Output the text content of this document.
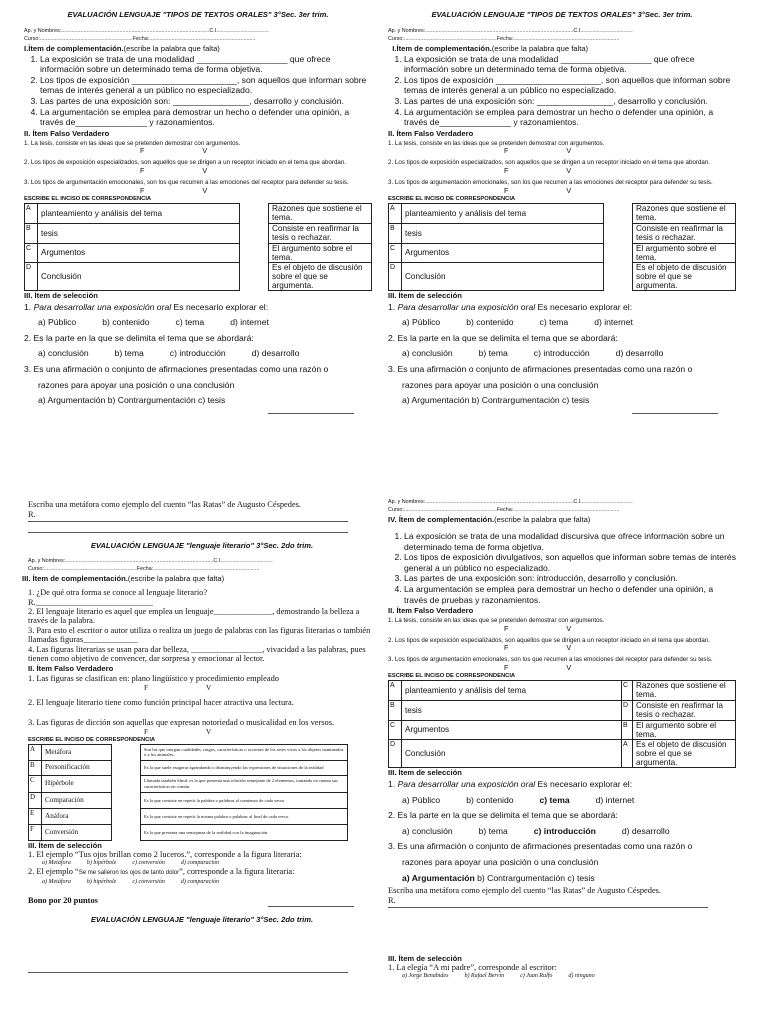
EVALUACIÓN LENGUAJE "TIPOS DE TEXTOS ORALES" 3°Sec. 3er trim.

Ap. y Nombres:...................................................................................................C.I...................................

Curso:..............................................................Fecha:.......................................................................

I.Ítem de complementación.(escribe la palabra que falta)

1. La exposición se trata de una modalidad ___________________ que ofrece información sobre un determinado tema de forma objetiva.
2. Los tipos de exposición ______________________, son aquellos que informan sobre temas de interés general a un público no especializado.
3. Las partes de una exposición son: ________________, desarrollo y conclusión.
4. La argumentación se emplea para demostrar un hecho o defender una opinión, a través de_______________ y razonamientos.

II. Ítem Falso Verdadero

1. La tesis, consiste en las ideas que se pretenden demostrar con argumentos.
F	V
2. Los tipos de exposición especializados, son aquellos que se dirigen a un receptor iniciado en el tema que abordan.
F	V
3. Los tipos de argumentación emocionales, son los que recurren a las emociones del receptor para defender su tesis.
F	V

ESCRIBE EL INCISO DE CORRESPONDENCIA

A	planteamiento y análisis del tema		Razones que sostiene el tema.
B	tesis		Consiste en reafirmar la tesis o rechazar.
C	Argumentos		El argumento sobre el tema.
D	Conclusión		Es el objeto de discusión sobre el que se argumenta.

III. Ítem de selección

1. Para desarrollar una exposición oral Es necesario explorar el:

a) Público	b) contenido	c) tema	d) internet

2. Es la parte en la que se delimita el tema que se abordará:

a) conclusión	b) tema	c) introducción	d) desarrollo

3. Es una afirmación o conjunto de afirmaciones presentadas como una razón o

razones para apoyar una posición o una conclusión

a) Argumentación b) Contrargumentación c) tesis

EVALUACIÓN LENGUAJE "TIPOS DE TEXTOS ORALES" 3°Sec. 3er trim.

Ap. y Nombres:...................................................................................................C.I...................................

Curso:..............................................................Fecha:.......................................................................

I.Ítem de complementación.(escribe la palabra que falta)

1. La exposición se trata de una modalidad ___________________ que ofrece información sobre un determinado tema de forma objetiva.
2. Los tipos de exposición ______________________, son aquellos que informan sobre temas de interés general a un público no especializado.
3. Las partes de una exposición son: ________________, desarrollo y conclusión.
4. La argumentación se emplea para demostrar un hecho o defender una opinión, a través de_______________ y razonamientos.

II. Ítem Falso Verdadero

1. La tesis, consiste en las ideas que se pretenden demostrar con argumentos.
F	V
2. Los tipos de exposición especializados, son aquellos que se dirigen a un receptor iniciado en el tema que abordan.
F	V
3. Los tipos de argumentación emocionales, son los que recurren a las emociones del receptor para defender su tesis.
F	V

ESCRIBE EL INCISO DE CORRESPONDENCIA

A	planteamiento y análisis del tema		Razones que sostiene el tema.
B	tesis		Consiste en reafirmar la tesis o rechazar.
C	Argumentos		El argumento sobre el tema.
D	Conclusión		Es el objeto de discusión sobre el que se argumenta.

III. Ítem de selección

1. Para desarrollar una exposición oral Es necesario explorar el:

a) Público	b) contenido	c) tema	d) internet

2. Es la parte en la que se delimita el tema que se abordará:

a) conclusión	b) tema	c) introducción	d) desarrollo

3. Es una afirmación o conjunto de afirmaciones presentadas como una razón o

razones para apoyar una posición o una conclusión

a) Argumentación b) Contrargumentación c) tesis

Escriba una metáfora como ejemplo del cuento “las Ratas” de Augusto Céspedes.

R.

EVALUACIÓN LENGUAJE "lenguaje literario" 3°Sec. 2do trim.

Ap. y Nombres:...................................................................................................C.I...................................

Curso:..............................................................Fecha:.......................................................................

III. Ítem de complementación.(escribe la palabra que falta)

1. ¿De qué otra forma se conoce al lenguaje literario?

R.____________________________

2. El lenguaje literario es aquel que emplea un lenguaje______________, demostrando la belleza a través de la palabra.

3. Para esto el escritor o autor utiliza o realiza un juego de palabras con las figuras literarias o también llamadas figuras_____________

4. Las figuras literarias se usan para dar belleza, _________________, vivacidad a las palabras, pues tienen como objetivo de convencer, dar sorpresa y emocionar al lector.

II. Ítem Falso Verdadero

1. Las figuras se clasifican en: plano lingüístico y procedimiento empleado

F	V

2. El lenguaje literario tiene como función principal hacer atractiva una lectura.

3. Las figuras de dicción son aquellas que expresan notoriedad o musicalidad en los versos.

F	V

ESCRIBE EL INCISO DE CORRESPONDENCIA

A	Metáfora		Son las que otorgan cualidades, rasgos, características o acciones de los seres vivos a los objetos inanimados o a los animales.
B	Personificación		Es la que suele exagerar agrandando o disminuyendo las expresiones de situaciones de la realidad
C	Hipérbole		Llamada también Símil, es la que presenta una relación semejante de 2 elementos, tomando en cuenta sus características en común.
D	Comparación		Es la que consiste en repetir la palabra o palabras al comienzo de cada verso.
E	Anáfora		Es la que consiste en repetir la misma palabra o palabras al final de cada verso.
F	Conversión		Es la que presenta una semejanza de la realidad con la imaginación

III. Ítem de selección

1. El ejemplo “Tus ojos brillan como 2 luceros.”, corresponde a la figura literaria:

a) Metáfora	b) hipérbole	c) conversión	d) comparación

2. El ejemplo “Se me salieron los ojos de tanto dolor”, corresponde a la figura literaria:

a) Metáfora	b) hipérbole	c) conversión	d) comparación

Bono por 20 puntos

EVALUACIÓN LENGUAJE "lenguaje literario" 3°Sec. 2do trim.

Ap. y Nombres:...................................................................................................C.I...................................

Curso:..............................................................Fecha:.......................................................................

IV. Ítem de complementación.(escribe la palabra que falta)

1. La exposición se trata de una modalidad discursiva que ofrece información sobre un determinado tema de forma objetiva.
2. Los tipos de exposición divulgativos, son aquellos que informan sobre temas de interés general a un público no especializado.
3. Las partes de una exposición son: introducción, desarrollo y conclusión.
4. La argumentación se emplea para demostrar un hecho o defender una opinión, a través de pruebas y razonamientos.

II. Ítem Falso Verdadero

1. La tesis, consiste en las ideas que se pretenden demostrar con argumentos.
F	V
2. Los tipos de exposición especializados, son aquellos que se dirigen a un receptor iniciado en el tema que abordan.
F	V
3. Los tipos de argumentación emocionales, son los que recurren a las emociones del receptor para defender su tesis.
F	V

ESCRIBE EL INCISO DE CORRESPONDENCIA

A	planteamiento y análisis del tema	C	Razones que sostiene el tema.
B	tesis	D	Consiste en reafirmar la tesis o rechazar.
C	Argumentos	B	El argumento sobre el tema.
D	Conclusión	A	Es el objeto de discusión sobre el que se argumenta.

III. Ítem de selección

1. Para desarrollar una exposición oral Es necesario explorar el:

a) Público	b) contenido	c) tema	d) internet

2. Es la parte en la que se delimita el tema que se abordará:

a) conclusión	b) tema	c) introducción	d) desarrollo

3. Es una afirmación o conjunto de afirmaciones presentadas como una razón o

razones para apoyar una posición o una conclusión

a) Argumentación b) Contrargumentación c) tesis

Escriba una metáfora como ejemplo del cuento “las Ratas” de Augusto Céspedes.

R.

III. Ítem de selección

1. La elegía “A mi padre”, corresponde al escritor:

a) Jorge Benabides	b) Rafael Bervín	c) Juan Rulfo	d) ninguno
